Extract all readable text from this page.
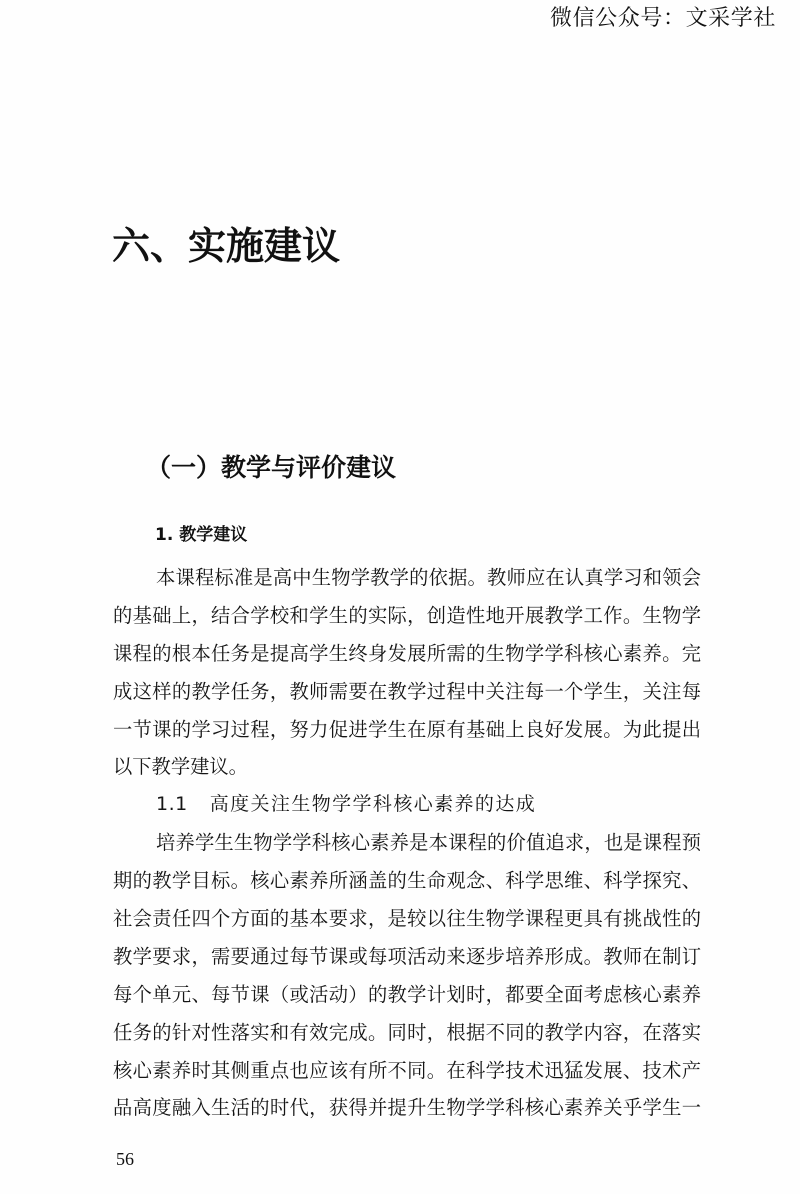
微信公众号：文采学社
六、实施建议
（一）教学与评价建议
1. 教学建议
本课程标准是高中生物学教学的依据。教师应在认真学习和领会
的基础上，结合学校和学生的实际，创造性地开展教学工作。生物学
课程的根本任务是提高学生终身发展所需的生物学学科核心素养。完
成这样的教学任务，教师需要在教学过程中关注每一个学生，关注每
一节课的学习过程，努力促进学生在原有基础上良好发展。为此提出
以下教学建议。
1.1 高度关注生物学学科核心素养的达成
培养学生生物学学科核心素养是本课程的价值追求，也是课程预
期的教学目标。核心素养所涵盖的生命观念、科学思维、科学探究、
社会责任四个方面的基本要求，是较以往生物学课程更具有挑战性的
教学要求，需要通过每节课或每项活动来逐步培养形成。教师在制订
每个单元、每节课（或活动）的教学计划时，都要全面考虑核心素养
任务的针对性落实和有效完成。同时，根据不同的教学内容，在落实
核心素养时其侧重点也应该有所不同。在科学技术迅猛发展、技术产
品高度融入生活的时代，获得并提升生物学学科核心素养关乎学生一
56
